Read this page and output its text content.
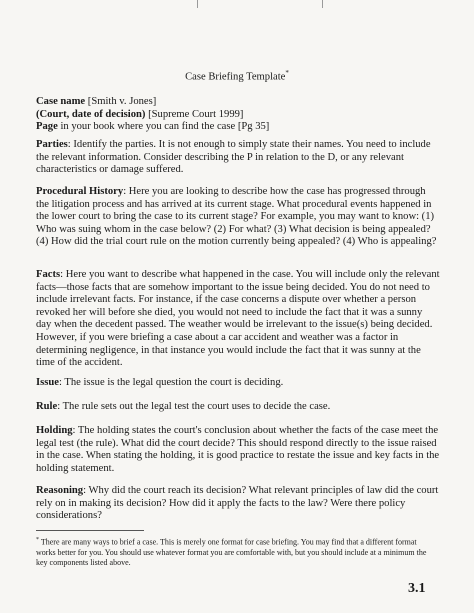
Case Briefing Template*

Case name [Smith v. Jones]

(Court, date of decision) [Supreme Court 1999]

Page in your book where you can find the case [Pg 35]

Parties: Identify the parties. It is not enough to simply state their names. You need to include the relevant information. Consider describing the P in relation to the D, or any relevant characteristics or damage suffered.

Procedural History: Here you are looking to describe how the case has progressed through the litigation process and has arrived at its current stage. What procedural events happened in the lower court to bring the case to its current stage? For example, you may want to know: (1) Who was suing whom in the case below? (2) For what? (3) What decision is being appealed? (4) How did the trial court rule on the motion currently being appealed? (4) Who is appealing?

Facts: Here you want to describe what happened in the case. You will include only the relevant facts—those facts that are somehow important to the issue being decided. You do not need to include irrelevant facts. For instance, if the case concerns a dispute over whether a person revoked her will before she died, you would not need to include the fact that it was a sunny day when the decedent passed. The weather would be irrelevant to the issue(s) being decided. However, if you were briefing a case about a car accident and weather was a factor in determining negligence, in that instance you would include the fact that it was sunny at the time of the accident.

Issue: The issue is the legal question the court is deciding.

Rule: The rule sets out the legal test the court uses to decide the case.

Holding: The holding states the court's conclusion about whether the facts of the case meet the legal test (the rule). What did the court decide? This should respond directly to the issue raised in the case. When stating the holding, it is good practice to restate the issue and key facts in the holding statement.

Reasoning: Why did the court reach its decision? What relevant principles of law did the court rely on in making its decision? How did it apply the facts to the law? Were there policy considerations?

* There are many ways to brief a case. This is merely one format for case briefing. You may find that a different format works better for you. You should use whatever format you are comfortable with, but you should include at a minimum the key components listed above.
3.1
